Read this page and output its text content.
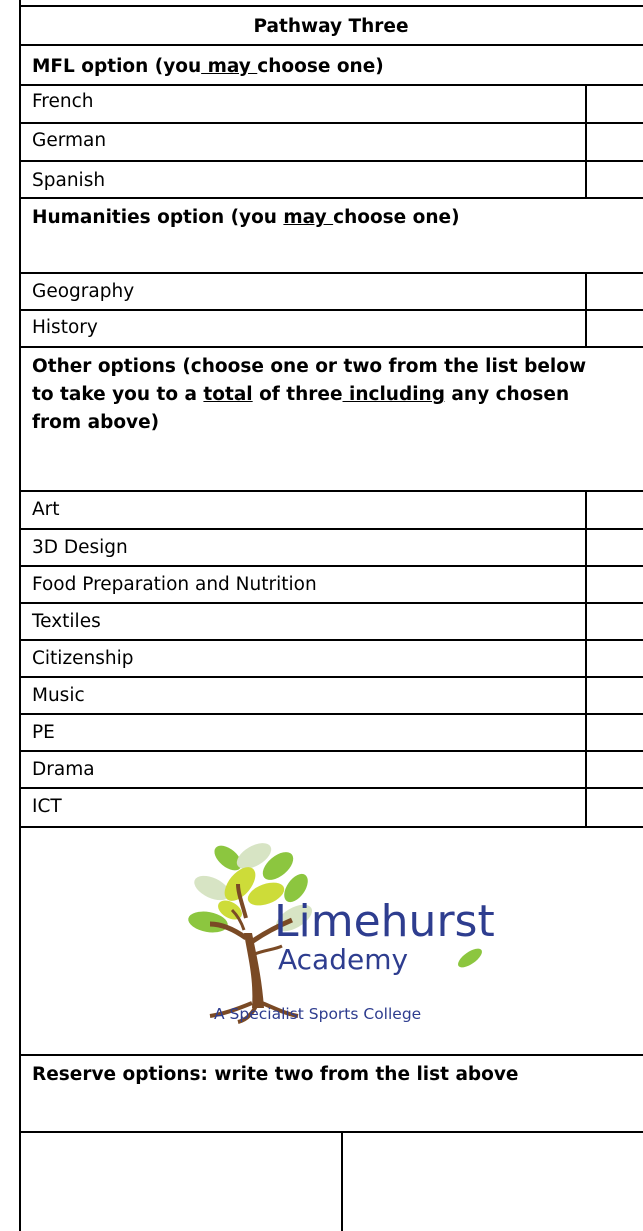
Pathway Three
MFL option (you may choose one)
French
German
Spanish
Humanities option (you may choose one)
Geography
History
Other options (choose one or two from the list below
to take you to a total of three including any chosen
from above)
Art
3D Design
Food Preparation and Nutrition
Textiles
Citizenship
Music
PE
Drama
ICT
Limehurst
Academy
A Specialist Sports College
Reserve options: write two from the list above
